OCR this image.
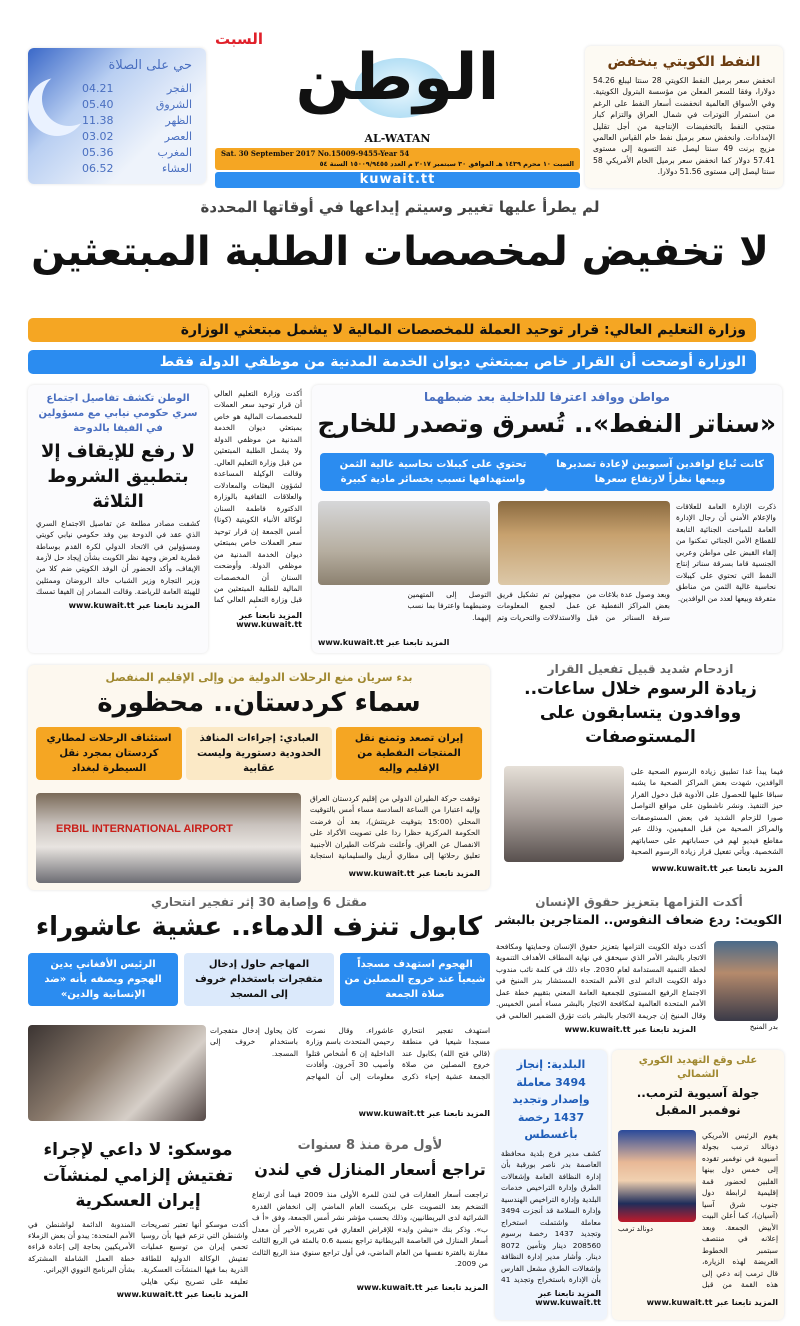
حي على الصلاة
الفجر
04.21
الشروق
05.40
الظهر
11.38
العصر
03.02
المغرب
05.36
العشاء
06.52
السبت
الوطن
AL-WATAN
Sat. 30 September 2017 No.15009-9455-Year 54
السبت ١٠ محرم ١٤٣٩ هـ الموافق ٣٠ سبتمبر ٢٠١٧ م العدد ١٥٠٠٩/٩٤٥٥ السنة ٥٤
kuwait.tt
النفط الكويتي ينخفض

انخفض سعر برميل النفط الكويتي 28 سنتا ليبلغ 54.26 دولارا، وفقا للسعر المعلن من مؤسسة البترول الكويتية. وفي الأسواق العالمية انخفضت أسعار النفط على الرغم من استمرار التوترات في شمال العراق والتزام كبار منتجي النفط بالتخفيضات الإنتاجية من أجل تقليل الإمدادات. وانخفض سعر برميل نفط خام القياس العالمي مزيج برنت 49 سنتا ليصل عند التسوية إلى مستوى 57.41 دولار كما انخفض سعر برميل الخام الأمريكي 58 سنتا ليصل إلى مستوى 51.56 دولارا.

لم يطرأ عليها تغيير وسيتم إيداعها في أوقاتها المحددة
لا تخفيض لمخصصات الطلبة المبتعثين
وزارة التعليم العالي: قرار توحيد العملة للمخصصات المالية لا يشمل مبتعثي الوزارة
الوزارة أوضحت أن القرار خاص بمبتعثي ديوان الخدمة المدنية من موظفي الدولة فقط
الوطن تكشف تفاصيل اجتماع سري حكومي نيابي مع مسؤولين في الفيفا بالدوحة
لا رفع للإيقاف إلا بتطبيق الشروط الثلاثة

كشفت مصادر مطلعة عن تفاصيل الاجتماع السري الذي عقد في الدوحة بين وفد حكومي نيابي كويتي ومسؤولين في الاتحاد الدولي لكرة القدم بوساطة قطرية لعرض وجهة نظر الكويت بشأن إيجاد حل لأزمة الإيقاف، وأكد الحضور أن الوفد الكويتي ضم كلا من وزير التجارة وزير الشباب خالد الروضان وممثلين للهيئة العامة للرياضة. وقالت المصادر إن الفيفا تمسك

المزيد تابعنا عبر www.kuwait.tt

أكدت وزارة التعليم العالي أن قرار توحيد سعر العملات للمخصصات المالية هو خاص بمبتعثي ديوان الخدمة المدنية من موظفي الدولة ولا يشمل الطلبة المبتعثين من قبل وزارة التعليم العالي. وقالت الوكيلة المساعدة لشؤون البعثات والمعادلات والعلاقات الثقافية بالوزارة الدكتورة فاطمة السنان لوكالة الأنباء الكويتية (كونا) أمس الجمعة إن قرار توحيد سعر العملات خاص بمبتعثي ديوان الخدمة المدنية من موظفي الدولة. وأوضحت السنان أن المخصصات المالية للطلبة المبتعثين من قبل وزارة التعليم العالي كما

المزيد تابعنا عبر www.kuwait.tt
مواطن ووافد اعترفا للداخلية بعد ضبطهما
«سناتر النفط».. تُسرق وتصدر للخارج
كانت تُباع لوافدين آسيويين لإعادة تصديرها وبيعها نظراً لارتفاع سعرها
تحتوي على كيبلات نحاسية غالية الثمن واستهدافها تسبب بخسائر مادية كبيرة

ذكرت الإدارة العامة للعلاقات والإعلام الأمني أن رجال الإدارة العامة للمباحث الجنائية التابعة للقطاع الأمن الجنائي تمكنوا من إلقاء القبض على مواطن وعربي الجنسية قاما بسرقة سناتر إنتاج النفط التي تحتوي على كيبلات نحاسية غالية الثمن من مناطق متفرقة وبيعها لعدد من الوافدين.

وبعد وصول عدة بلاغات من بعض المراكز النفطية عن سرقة السناتر من قبل مجهولين تم تشكيل فريق عمل لجمع المعلومات والاستدلالات والتحريات وتم التوصل إلى المتهمين وضبطهما واعترفا بما نسب إليهما.

المزيد تابعنا عبر www.kuwait.tt
بدء سريان منع الرحلات الدولية من وإلى الإقليم المنفصل
سماء كردستان.. محظورة
إيران تصعد وتمنع نقل المنتجات النفطية من الإقليم وإليه
العبادي: إجراءات المنافذ الحدودية دستورية وليست عقابية
استئناف الرحلات لمطاري كردستان بمجرد نقل السيطرة لبغداد
ERBIL INTERNATIONAL AIRPORT

توقفت حركة الطيران الدولي من إقليم كردستان العراق وإليه اعتبارا من الساعة السادسة مساء أمس بالتوقيت المحلي (15:00 بتوقيت غرينتش)، بعد أن فرضت الحكومة المركزية حظرا ردا على تصويت الأكراد على الانفصال عن العراق. وأعلنت شركات الطيران الأجنبية تعليق رحلاتها إلى مطاري أربيل والسليمانية استجابة

المزيد تابعنا عبر www.kuwait.tt
ازدحام شديد قبيل تفعيل القرار
زيادة الرسوم خلال ساعات.. ووافدون يتسابقون على المستوصفات

فيما يبدأ غدا تطبيق زيادة الرسوم الصحية على الوافدين، شهدت بعض المراكز الصحية ما يشبه سباقا عليها للحصول على الأدوية قبل دخول القرار حيز التنفيذ. ونشر ناشطون على مواقع التواصل صورا للزحام الشديد في بعض المستوصفات والمراكز الصحية من قبل المقيمين، وذلك عبر مقاطع فيديو لهم في حساباتهم على حساباتهم الشخصية. ويأتي تفعيل قرار زيادة الرسوم الصحية

المزيد تابعنا عبر www.kuwait.tt
مقتل 6 وإصابة 30 إثر تفجير انتحاري
كابول تنزف الدماء.. عشية عاشوراء
الهجوم استهدف مسجداً شيعياً عند خروج المصلين من صلاة الجمعة
المهاجم حاول إدخال متفجرات باستخدام خروف إلى المسجد
الرئيس الأفغاني يدين الهجوم ويصفه بأنه «ضد الإنسانية والدين»

استهدف تفجير انتحاري مسجدا شيعيا في منطقة (قالي فتح الله) بكابول عند خروج المصلين من صلاة الجمعة عشية إحياء ذكرى عاشوراء. وقال نصرت رحيمي المتحدث باسم وزارة الداخلية إن 6 أشخاص قتلوا وأصيب 30 آخرون. وأفادت معلومات إلى أن المهاجم كان يحاول إدخال متفجرات باستخدام خروف إلى المسجد.

المزيد تابعنا عبر www.kuwait.tt
أكدت التزامها بتعزيز حقوق الإنسان
الكويت: ردع ضعاف النفوس.. المتاجرين بالبشر
بدر المنيخ

أكدت دولة الكويت التزامها بتعزيز حقوق الإنسان وحمايتها ومكافحة الاتجار بالبشر الأمر الذي سيحقق في نهاية المطاف الأهداف التنموية لخطة التنمية المستدامة لعام 2030. جاء ذلك في كلمة نائب مندوب دولة الكويت الدائم لدى الأمم المتحدة المستشار بدر المنيخ في الاجتماع الرفيع المستوى للجمعية العامة المعني بتقييم خطة عمل الأمم المتحدة العالمية لمكافحة الاتجار بالبشر مساء أمس الخميس. وقال المنيخ إن جريمة الاتجار بالبشر باتت تؤرق الضمير العالمي في

المزيد تابعنا عبر www.kuwait.tt
موسكو: لا داعي لإجراء تفتيش إلزامي لمنشآت إيران العسكرية

أكدت موسكو أنها تعتبر تصريحات واشنطن التي تزعم فيها بأن روسيا تحمي إيران من توسيع عمليات تفتيش الوكالة الدولية للطاقة الذرية بما فيها المنشآت العسكرية. تعليقه على تصريح نيكي هايلي المندوبة الدائمة لواشنطن في الأمم المتحدة: يبدو أن بعض الزملاء الأمريكيين بحاجة إلى إعادة قراءة خطة العمل الشاملة المشتركة بشأن البرنامج النووي الإيراني.

المزيد تابعنا عبر www.kuwait.tt
لأول مرة منذ 8 سنوات
تراجع أسعار المنازل في لندن

تراجعت أسعار العقارات في لندن للمرة الأولى منذ 2009 فيما أدى ارتفاع التضخم بعد التصويت على بريكست العام الماضي إلى انخفاض القدرة الشرائية لدى البريطانيين، وذلك بحسب مؤشر نشر أمس الجمعة، وفق «أ ف ب». وذكر بنك «نيشن وايد» للإقراض العقاري في تقريره الأخير أن معدل أسعار المنازل في العاصمة البريطانية تراجع بنسبة 0.6 بالمئة في الربع الثالث مقارنة بالفترة نفسها من العام الماضي، في أول تراجع سنوي منذ الربع الثالث من 2009.

المزيد تابعنا عبر www.kuwait.tt
البلدية: إنجاز 3494 معاملة وإصدار وتجديد 1437 رخصة بأغسطس

كشف مدير فرع بلدية محافظة العاصمة بدر ناصر بورقبة بأن إدارة النظافة العامة وإشغالات الطرق وإدارة التراخيص خدمات البلدية وإدارة التراخيص الهندسية وإدارة السلامة قد أنجزت 3494 معاملة واشتملت استخراج وتجديد 1437 رخصة برسوم 208560 دينار وتأمين 8072 دينار. وأشار مدير إدارة النظافة وإشغالات الطرق مشعل الفارس بأن الإدارة باستخراج وتجديد 41

المزيد تابعنا عبر www.kuwait.tt
على وقع التهديد الكوري الشمالي
جولة آسيوية لترمب.. نوفمبر المقبل
دونالد ترمب

يقوم الرئيس الأمريكي دونالد ترمب بجولة آسيوية في نوفمبر تقوده إلى خمس دول بينها الفلبين لحضور قمة إقليمية لرابطة دول جنوب شرق آسيا (آسيان)، كما أعلن البيت الأبيض الجمعة. وبعد إعلانه في منتصف سبتمبر الخطوط العريضة لهذه الزيارة، قال ترمب إنه دعي إلى هذه القمة من قبل

المزيد تابعنا عبر www.kuwait.tt
